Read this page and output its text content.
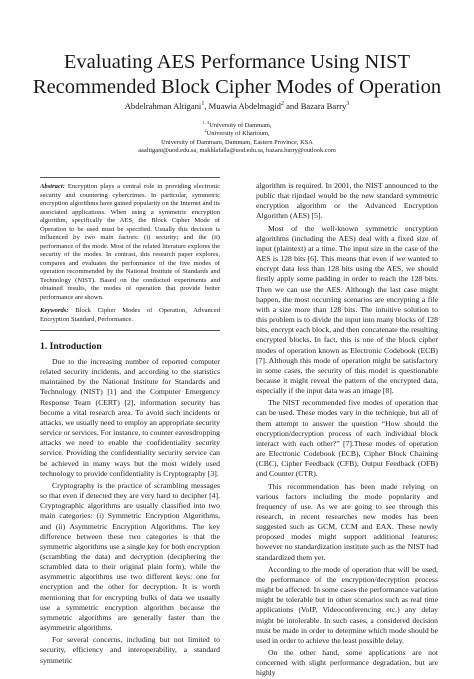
Evaluating AES Performance Using NIST
Recommended Block Cipher Modes of Operation
Abdelrahman Altigani$^1$, Muawia Abdelmagid$^2$ and Bazara Barry$^3$
$^{1, 3}$University of Dammam,
$^2$University of Khartoum,
University of Dammam, Dammam, Eastern Province, KSA
aaaltigani@uod.edu.sa, makhlafalla@uod.edu.sa, bazara.barry@outlook.com

Abstract: Encryption plays a central role in providing electronic security and countering cybercrimes. In particular, symmetric encryption algorithms have gained popularity on the Internet and its associated applications. When using a symmetric encryption algorithm, specifically the AES, the Block Cipher Mode of Operation to be used must be specified. Usually this decision is influenced by two main factors: (i) security; and the (ii) performance of the mode. Most of the related literature explores the security of the modes. In contrast, this research paper explores, compares and evaluates the performance of the five modes of operation recommended by the National Institute of Standards and Technology (NIST). Based on the conducted experiments and obtained results, the modes of operation that provide better performance are shown.

Keywords: Block Cipher Modes of Operation, Advanced Encryption Standard, Performance.

1. Introduction

Due to the increasing number of reported computer related security incidents, and according to the statistics maintained by the National Institute for Standards and Technology (NIST) [1] and the Computer Emergency Response Team (CERT) [2], information security has become a vital research area. To avoid such incidents or attacks, we usually need to employ an appropriate security service or services. For instance, to counter eavesdropping attacks we need to enable the confidentiality security service. Providing the confidentiality security service can be achieved in many ways but the most widely used technology to provide confidentiality is Cryptography [3].

Cryptography is the practice of scrambling messages so that even if detected they are very hard to decipher [4]. Cryptographic algorithms are usually classified into two main categories: (i) Symmetric Encryption Algorithms, and (ii) Asymmetric Encryption Algorithms. The key difference between these two categories is that the symmetric algorithms use a single key for both encryption (scrambling the data) and decryption (deciphering the scrambled data to their original plain form), while the asymmetric algorithms use two different keys: one for encryption and the other for decryption. It is worth mentioning that for encrypting bulks of data we usually use a symmetric encryption algorithm because the symmetric algorithms are generally faster than the asymmetric algorithms.

For several concerns, including but not limited to security, efficiency and interoperability, a standard symmetric

algorithm is required. In 2001, the NIST announced to the public that rijndael would be the new standard symmetric encryption algorithm or the Advanced Encryption Algorithm (AES) [5].

Most of the well-known symmetric encryption algorithms (including the AES) deal with a fixed size of input (plaintext) at a time. The input size in the case of the AES is 128 bits [6]. This means that even if we wanted to encrypt data less than 128 bits using the AES, we should firstly apply some padding in order to reach the 128 bits. Then we can use the AES. Although the last case might happen, the most occurring scenarios are encrypting a file with a size more than 128 bits. The intuitive solution to this problem is to divide the input into many blocks of 128 bits, encrypt each block, and then concatenate the resulting encrypted blocks. In fact, this is one of the block cipher modes of operation known as Electronic Codebook (ECB) [7]. Although this mode of operation might be satisfactory in some cases, the security of this model is questionable because it might reveal the pattern of the encrypted data, especially if the input data was an image [8].

The NIST recommended five modes of operation that can be used. These modes vary in the technique, but all of them attempt to answer the question “How should the encryption/decryption process of each individual block interact with each other?” [7].These modes of operation are Electronic Codebook (ECB), Cipher Block Chaining (CBC), Cipher Feedback (CFB), Output Feedback (OFB) and Counter (CTR).

This recommendation has been made relying on various factors including the mode popularity and frequency of use. As we are going to see through this research, in recent researches new modes has been suggested such as GCM, CCM and EAX. These newly proposed modes might support additional features; however no standardization institute such as the NIST had standardized them yet.

According to the mode of operation that will be used, the performance of the encryption/decryption process might be affected. In some cases the performance variation might be tolerable but in other scenarios such as real time applications (VoIP, Videoconferencing etc.) any delay might be intolerable. In such cases, a considered decision must be made in order to determine which mode should be used in order to achieve the least possible delay.

On the other hand, some applications are not concerned with slight performance degradation, but are highly
